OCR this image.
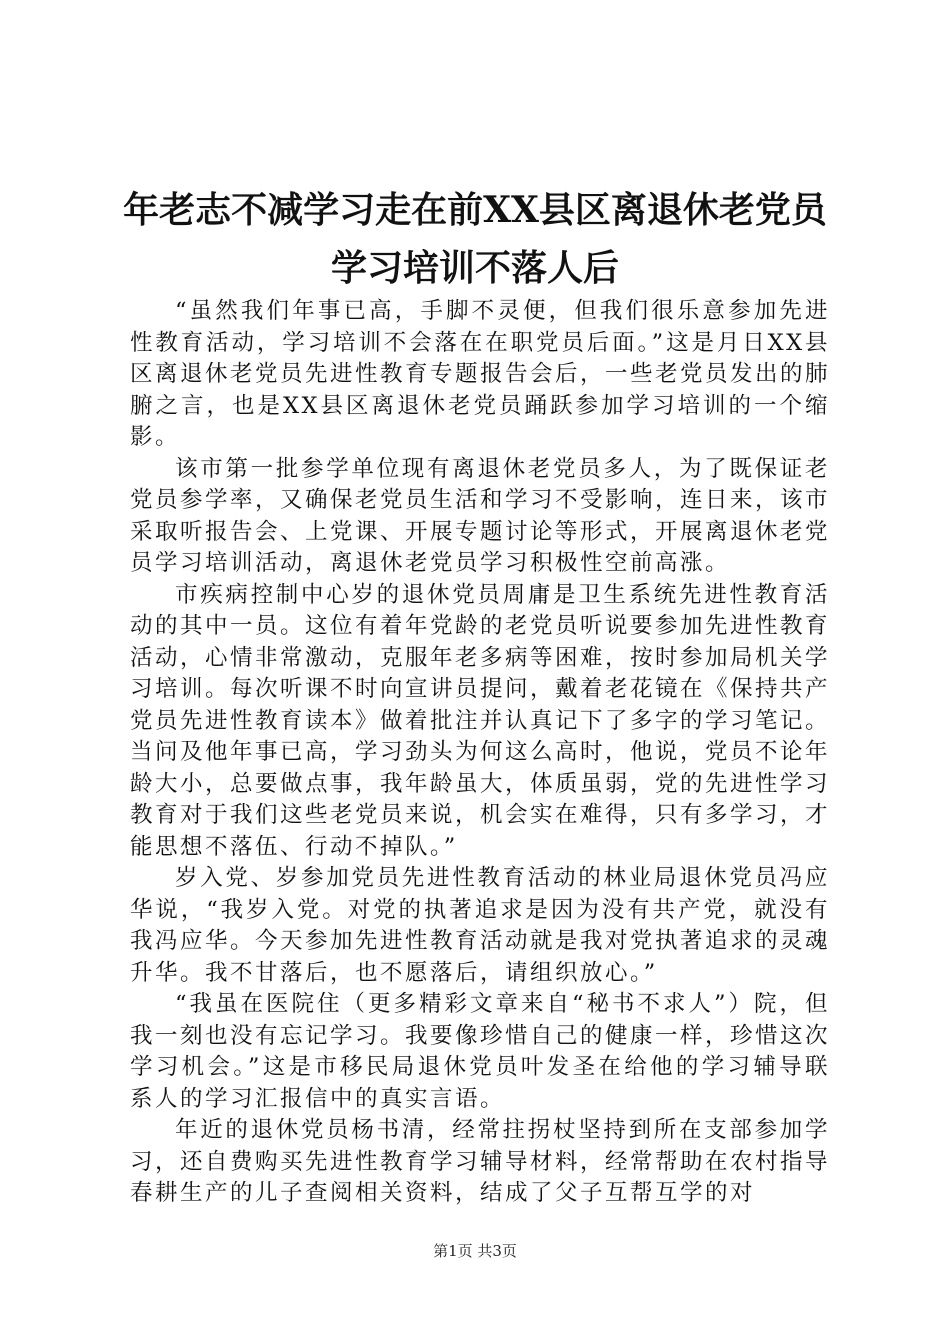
年老志不减学习走在前XX县区离退休老党员
学习培训不落人后

“虽然我们年事已高，手脚不灵便，但我们很乐意参加先进性教育活动，学习培训不会落在在职党员后面。”这是月日XX县区离退休老党员先进性教育专题报告会后，一些老党员发出的肺腑之言，也是XX县区离退休老党员踊跃参加学习培训的一个缩影。

该市第一批参学单位现有离退休老党员多人，为了既保证老党员参学率，又确保老党员生活和学习不受影响，连日来，该市采取听报告会、上党课、开展专题讨论等形式，开展离退休老党员学习培训活动，离退休老党员学习积极性空前高涨。

市疾病控制中心岁的退休党员周庸是卫生系统先进性教育活动的其中一员。这位有着年党龄的老党员听说要参加先进性教育活动，心情非常激动，克服年老多病等困难，按时参加局机关学习培训。每次听课不时向宣讲员提问，戴着老花镜在《保持共产党员先进性教育读本》做着批注并认真记下了多字的学习笔记。当问及他年事已高，学习劲头为何这么高时，他说，党员不论年龄大小，总要做点事，我年龄虽大，体质虽弱，党的先进性学习教育对于我们这些老党员来说，机会实在难得，只有多学习，才能思想不落伍、行动不掉队。”

岁入党、岁参加党员先进性教育活动的林业局退休党员冯应华说，“我岁入党。对党的执著追求是因为没有共产党，就没有我冯应华。今天参加先进性教育活动就是我对党执著追求的灵魂升华。我不甘落后，也不愿落后，请组织放心。”

“我虽在医院住（更多精彩文章来自“秘书不求人”）院，但我一刻也没有忘记学习。我要像珍惜自己的健康一样，珍惜这次学习机会。”这是市移民局退休党员叶发圣在给他的学习辅导联系人的学习汇报信中的真实言语。

年近的退休党员杨书清，经常拄拐杖坚持到所在支部参加学习，还自费购买先进性教育学习辅导材料，经常帮助在农村指导春耕生产的儿子查阅相关资料，结成了父子互帮互学的对

第1页 共3页
